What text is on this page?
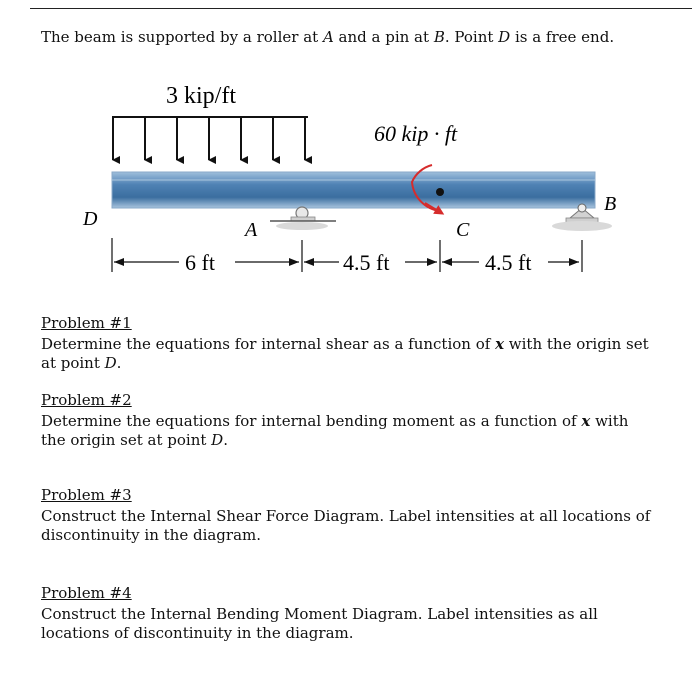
The beam is supported by a roller at A and a pin at B. Point D is a free end.
3 kip/ft
60 kip · ft
D	A	C
B
6 ft	4.5 ft	4.5 ft
Problem #1
Determine the equations for internal shear as a function of x with the origin set at point D.
Problem #2
Determine the equations for internal bending moment as a function of x with the origin set at point D.
Problem #3
Construct the Internal Shear Force Diagram. Label intensities at all locations of discontinuity in the diagram.
Problem #4
Construct the Internal Bending Moment Diagram. Label intensities as all locations of discontinuity in the diagram.
